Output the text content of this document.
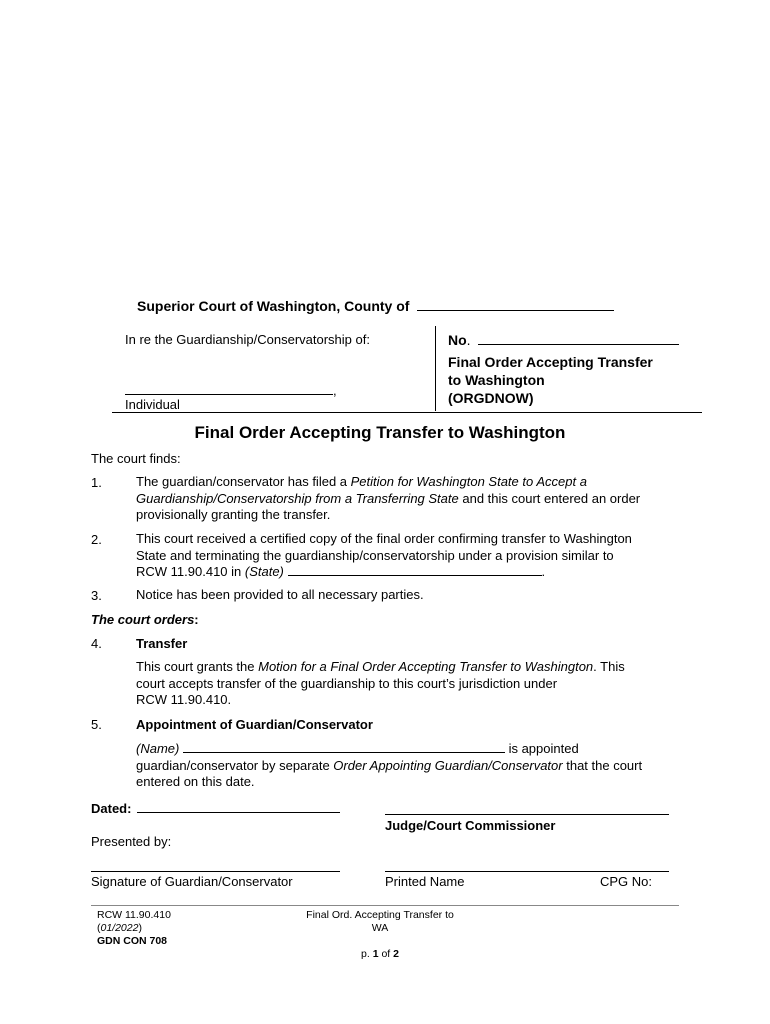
Superior Court of Washington, County of
In re the Guardianship/Conservatorship of:
,
Individual
No.
Final Order Accepting Transfer
to Washington
(ORGDNOW)
Final Order Accepting Transfer to Washington
The court finds:
1.	The guardian/conservator has filed a Petition for Washington State to Accept a
Guardianship/Conservatorship from a Transferring State and this court entered an order
provisionally granting the transfer.
2.	This court received a certified copy of the final order confirming transfer to Washington
State and terminating the guardianship/conservatorship under a provision similar to
RCW 11.90.410 in (State)	.
3.	Notice has been provided to all necessary parties.
The court orders:
4.	Transfer
This court grants the Motion for a Final Order Accepting Transfer to Washington. This
court accepts transfer of the guardianship to this court’s jurisdiction under
RCW 11.90.410.
5.	Appointment of Guardian/Conservator
(Name)	is appointed
guardian/conservator by separate Order Appointing Guardian/Conservator that the court
entered on this date.
Dated:
Judge/Court Commissioner
Presented by:
Signature of Guardian/Conservator	Printed Name	CPG No:
RCW 11.90.410
(01/2022)
GDN CON 708
Final Ord. Accepting Transfer to
WA
p. 1 of 2
